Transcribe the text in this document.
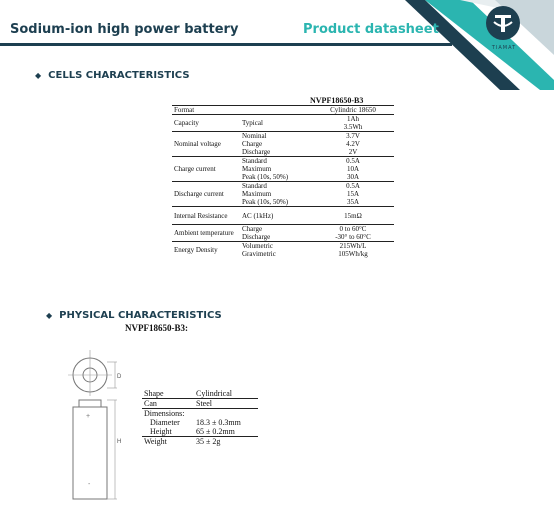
Sodium-ion high power battery	Product datasheet
TIAMAT
◆ CELLS CHARACTERISTICS
NVPF18650-B3
Format		Cylindric 18650
Capacity	Typical	1Ah
		3.5Wh
Nominal voltage	Nominal	3.7V
	Charge	4.2V
	Discharge	2V
Charge current	Standard	0.5A
	Maximum	10A
	Peak (10s, 50%)	30A
Discharge current	Standard	0.5A
	Maximum	15A
	Peak (10s, 50%)	35A
Internal Resistance	AC (1kHz)	15mΩ
Ambient temperature	Charge	0 to 60°C
	Discharge	-30° to 60°C
Energy Density	Volumetric	215Wh/L
	Gravimetric	105Wh/kg
◆ PHYSICAL CHARACTERISTICS
NVPF18650-B3:
D
+
-
H
Shape	Cylindrical
Can	Steel
Dimensions:	
Diameter	18.3 ± 0.3mm
Height	65 ± 0.2mm
Weight	35 ± 2g
